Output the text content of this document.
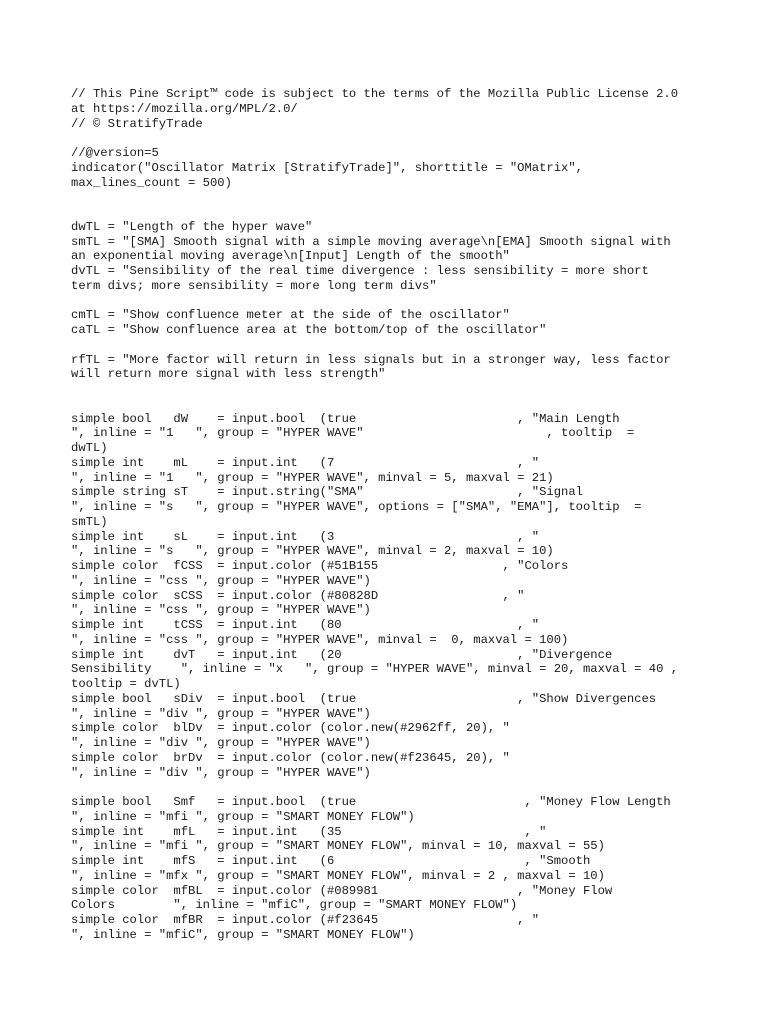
// This Pine Script™ code is subject to the terms of the Mozilla Public License 2.0
at https://mozilla.org/MPL/2.0/
// © StratifyTrade
//@version=5
indicator("Oscillator Matrix [StratifyTrade]", shorttitle = "OMatrix",
max_lines_count = 500)
dwTL = "Length of the hyper wave"
smTL = "[SMA] Smooth signal with a simple moving average\n[EMA] Smooth signal with
an exponential moving average\n[Input] Length of the smooth"
dvTL = "Sensibility of the real time divergence : less sensibility = more short
term divs; more sensibility = more long term divs"
cmTL = "Show confluence meter at the side of the oscillator"
caTL = "Show confluence area at the bottom/top of the oscillator"
rfTL = "More factor will return in less signals but in a stronger way, less factor
will return more signal with less strength"
simple bool   dW    = input.bool  (true                      , "Main Length
", inline = "1   ", group = "HYPER WAVE"                         , tooltip  =
dwTL)
simple int    mL    = input.int   (7                         , "
", inline = "1   ", group = "HYPER WAVE", minval = 5, maxval = 21)
simple string sT    = input.string("SMA"                     , "Signal
", inline = "s   ", group = "HYPER WAVE", options = ["SMA", "EMA"], tooltip  =
smTL)
simple int    sL    = input.int   (3                         , "
", inline = "s   ", group = "HYPER WAVE", minval = 2, maxval = 10)
simple color  fCSS  = input.color (#51B155                 , "Colors
", inline = "css ", group = "HYPER WAVE")
simple color  sCSS  = input.color (#80828D                 , "
", inline = "css ", group = "HYPER WAVE")
simple int    tCSS  = input.int   (80                        , "
", inline = "css ", group = "HYPER WAVE", minval =  0, maxval = 100)
simple int    dvT   = input.int   (20                        , "Divergence
Sensibility    ", inline = "x   ", group = "HYPER WAVE", minval = 20, maxval = 40 ,
tooltip = dvTL)
simple bool   sDiv  = input.bool  (true                      , "Show Divergences
", inline = "div ", group = "HYPER WAVE")
simple color  blDv  = input.color (color.new(#2962ff, 20), "
", inline = "div ", group = "HYPER WAVE")
simple color  brDv  = input.color (color.new(#f23645, 20), "
", inline = "div ", group = "HYPER WAVE")
simple bool   Smf   = input.bool  (true                       , "Money Flow Length
", inline = "mfi ", group = "SMART MONEY FLOW")
simple int    mfL   = input.int   (35                         , "
", inline = "mfi ", group = "SMART MONEY FLOW", minval = 10, maxval = 55)
simple int    mfS   = input.int   (6                          , "Smooth
", inline = "mfx ", group = "SMART MONEY FLOW", minval = 2 , maxval = 10)
simple color  mfBL  = input.color (#089981                   , "Money Flow
Colors        ", inline = "mfiC", group = "SMART MONEY FLOW")
simple color  mfBR  = input.color (#f23645                   , "
", inline = "mfiC", group = "SMART MONEY FLOW")
